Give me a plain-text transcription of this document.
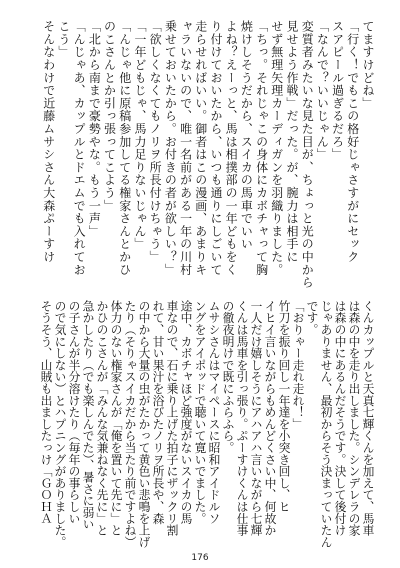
てますけどね」
「行く！でもこの格好じゃさすがにセック
スアピール過ぎるだろ」
「なんで？いいじゃん」
変質者みたいな見た目が、ちょっと光の中から
見せよう作戦」だった。が、腕力は相手に
せず無理矢理カーディガンを羽織りました。
「ちっ。それじゃこの身体にカボチャって胸
焼けしそうだから、スイカの馬車でいい
よね？えーっと、馬は相撲部の一年どもをく
り付けておいたから、いつも通りにしごいて
走らせればいい。御者はこの漫画、あまりキ
ャラいないので、唯一名前がある一年の川村
乗せておいたから。お付きの者が欲しい？」
「欲しくなくてもノリヲ所長付けちゃう」
「一年どもじゃ、馬力足りないじゃん」
「んじゃ他に原稿参加してる権家さんとかひ
のこさんとか引っ張ってこよう」
「北から南まで豪勢やな。もう一声」
「んじゃあ、カップルとドエムでも入れてお
こう」
そんなわけで近藤ムサシさん大森ぷーすけ
くんカップルと天真七輝くんを加えて、馬車
は森の中を走り出しました。シンデレラの家
は森の中にあるんだそうです。決して後付け
じゃありません、最初からそう決まっていたん
です。
「おりゃー走れ走れ！」
竹刀を振り回し一年達を小突き回し、ヒ
イヒイ言いながらもめんどくさい中、何故か
一人だけ嬉しそうにアハアハ言いながら七輝
くんは馬車を引っ張り。ぷーすけくんは仕事
の徹夜明けで既にふらふら。
ムサシさんはマイペースに昭和アイドルソ
ングをアイポッドで聴いて寛いでました。
途中、カボチャほど強度がないスイカの馬
車なので、石に乗り上げた拍子にザックリ割
れて、甘い果汁を浴びたノリヲ所長や、森
の中から大量の虫がたかって黄色い悲鳴を上げ
たり（そりゃスイカだから当たり前ですよね）
体力のない権家さんが「俺を置いて先に」と
かひのこさんが「みんな気兼ねなく先に」と
急かしたり（でも楽しんでた）、暑さに弱い
の子さんが半分溶けたり（毎年の事らしい
ので気にしない）とハプニングがありました。
そうそう、山賊も出ましたっけ「ＧＯＨＡ
176
